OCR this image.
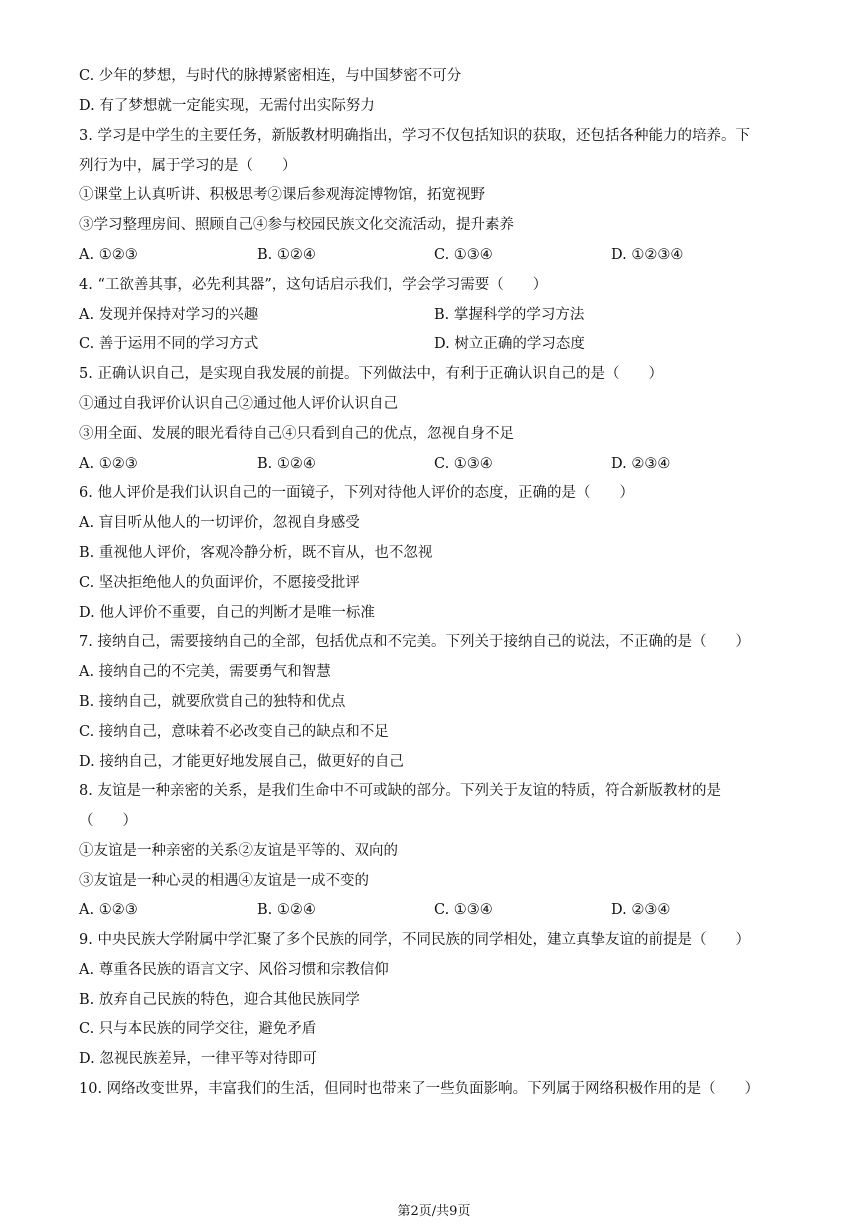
C. 少年的梦想，与时代的脉搏紧密相连，与中国梦密不可分
D. 有了梦想就一定能实现，无需付出实际努力
3. 学习是中学生的主要任务，新版教材明确指出，学习不仅包括知识的获取，还包括各种能力的培养。下
列行为中，属于学习的是（　　）
①课堂上认真听讲、积极思考②课后参观海淀博物馆，拓宽视野
③学习整理房间、照顾自己④参与校园民族文化交流活动，提升素养
A. ①②③	B. ①②④	C. ①③④	D. ①②③④
4. “工欲善其事，必先利其器”，这句话启示我们，学会学习需要（　　）
A. 发现并保持对学习的兴趣	B. 掌握科学的学习方法
C. 善于运用不同的学习方式	D. 树立正确的学习态度
5. 正确认识自己，是实现自我发展的前提。下列做法中，有利于正确认识自己的是（　　）
①通过自我评价认识自己②通过他人评价认识自己
③用全面、发展的眼光看待自己④只看到自己的优点，忽视自身不足
A. ①②③	B. ①②④	C. ①③④	D. ②③④
6. 他人评价是我们认识自己的一面镜子，下列对待他人评价的态度，正确的是（　　）
A. 盲目听从他人的一切评价，忽视自身感受
B. 重视他人评价，客观冷静分析，既不盲从，也不忽视
C. 坚决拒绝他人的负面评价，不愿接受批评
D. 他人评价不重要，自己的判断才是唯一标准
7. 接纳自己，需要接纳自己的全部，包括优点和不完美。下列关于接纳自己的说法，不正确的是（　　）
A. 接纳自己的不完美，需要勇气和智慧
B. 接纳自己，就要欣赏自己的独特和优点
C. 接纳自己，意味着不必改变自己的缺点和不足
D. 接纳自己，才能更好地发展自己，做更好的自己
8. 友谊是一种亲密的关系，是我们生命中不可或缺的部分。下列关于友谊的特质，符合新版教材的是
（　　）
①友谊是一种亲密的关系②友谊是平等的、双向的
③友谊是一种心灵的相遇④友谊是一成不变的
A. ①②③	B. ①②④	C. ①③④	D. ②③④
9. 中央民族大学附属中学汇聚了多个民族的同学，不同民族的同学相处，建立真挚友谊的前提是（　　）
A. 尊重各民族的语言文字、风俗习惯和宗教信仰
B. 放弃自己民族的特色，迎合其他民族同学
C. 只与本民族的同学交往，避免矛盾
D. 忽视民族差异，一律平等对待即可
10. 网络改变世界，丰富我们的生活，但同时也带来了一些负面影响。下列属于网络积极作用的是（　　）
第2页/共9页
